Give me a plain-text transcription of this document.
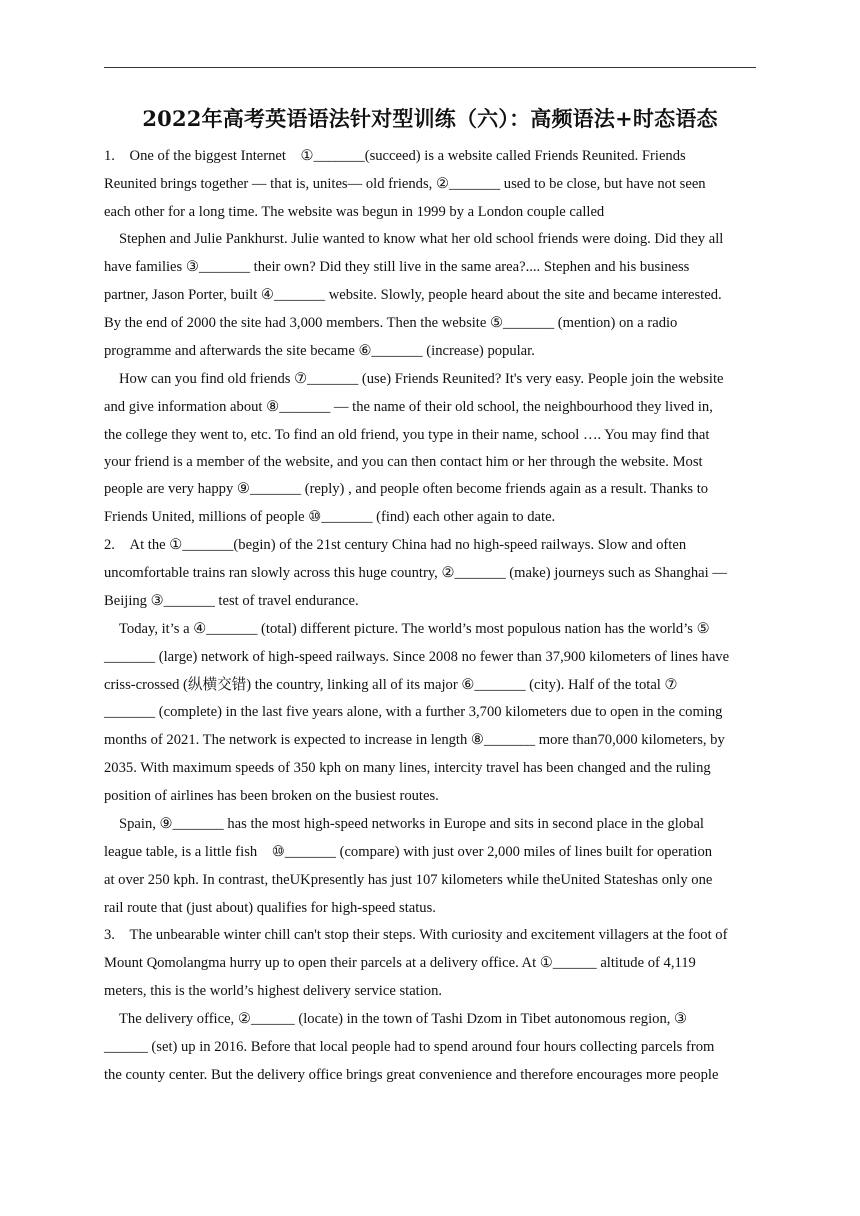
2022年高考英语语法针对型训练（六）：高频语法+时态语态
1. One of the biggest Internet ①_______(succeed) is a website called Friends Reunited. Friends
Reunited brings together — that is, unites— old friends, ②_______ used to be close, but have not seen
each other for a long time. The website was begun in 1999 by a London couple called
Stephen and Julie Pankhurst. Julie wanted to know what her old school friends were doing. Did they all
have families ③_______ their own? Did they still live in the same area?.... Stephen and his business
partner, Jason Porter, built ④_______ website. Slowly, people heard about the site and became interested.
By the end of 2000 the site had 3,000 members. Then the website ⑤_______ (mention) on a radio
programme and afterwards the site became ⑥_______ (increase) popular.
How can you find old friends ⑦_______ (use) Friends Reunited? It's very easy. People join the website
and give information about ⑧_______ — the name of their old school, the neighbourhood they lived in,
the college they went to, etc. To find an old friend, you type in their name, school …. You may find that
your friend is a member of the website, and you can then contact him or her through the website. Most
people are very happy ⑨_______ (reply) , and people often become friends again as a result. Thanks to
Friends United, millions of people ⑩_______ (find) each other again to date.
2. At the ①_______(begin) of the 21st century China had no high-speed railways. Slow and often
uncomfortable trains ran slowly across this huge country, ②_______ (make) journeys such as Shanghai —
Beijing ③_______ test of travel endurance.
Today, it’s a ④_______ (total) different picture. The world’s most populous nation has the world’s ⑤
_______ (large) network of high-speed railways. Since 2008 no fewer than 37,900 kilometers of lines have
criss-crossed (纵横交错) the country, linking all of its major ⑥_______ (city). Half of the total ⑦
_______ (complete) in the last five years alone, with a further 3,700 kilometers due to open in the coming
months of 2021. The network is expected to increase in length ⑧_______ more than70,000 kilometers, by
2035. With maximum speeds of 350 kph on many lines, intercity travel has been changed and the ruling
position of airlines has been broken on the busiest routes.
Spain, ⑨_______ has the most high-speed networks in Europe and sits in second place in the global
league table, is a little fish ⑩_______ (compare) with just over 2,000 miles of lines built for operation
at over 250 kph. In contrast, theUKpresently has just 107 kilometers while theUnited Stateshas only one
rail route that (just about) qualifies for high-speed status.
3. The unbearable winter chill can't stop their steps. With curiosity and excitement villagers at the foot of
Mount Qomolangma hurry up to open their parcels at a delivery office. At ①______ altitude of 4,119
meters, this is the world’s highest delivery service station.
The delivery office, ②______ (locate) in the town of Tashi Dzom in Tibet autonomous region, ③
______ (set) up in 2016. Before that local people had to spend around four hours collecting parcels from
the county center. But the delivery office brings great convenience and therefore encourages more people
